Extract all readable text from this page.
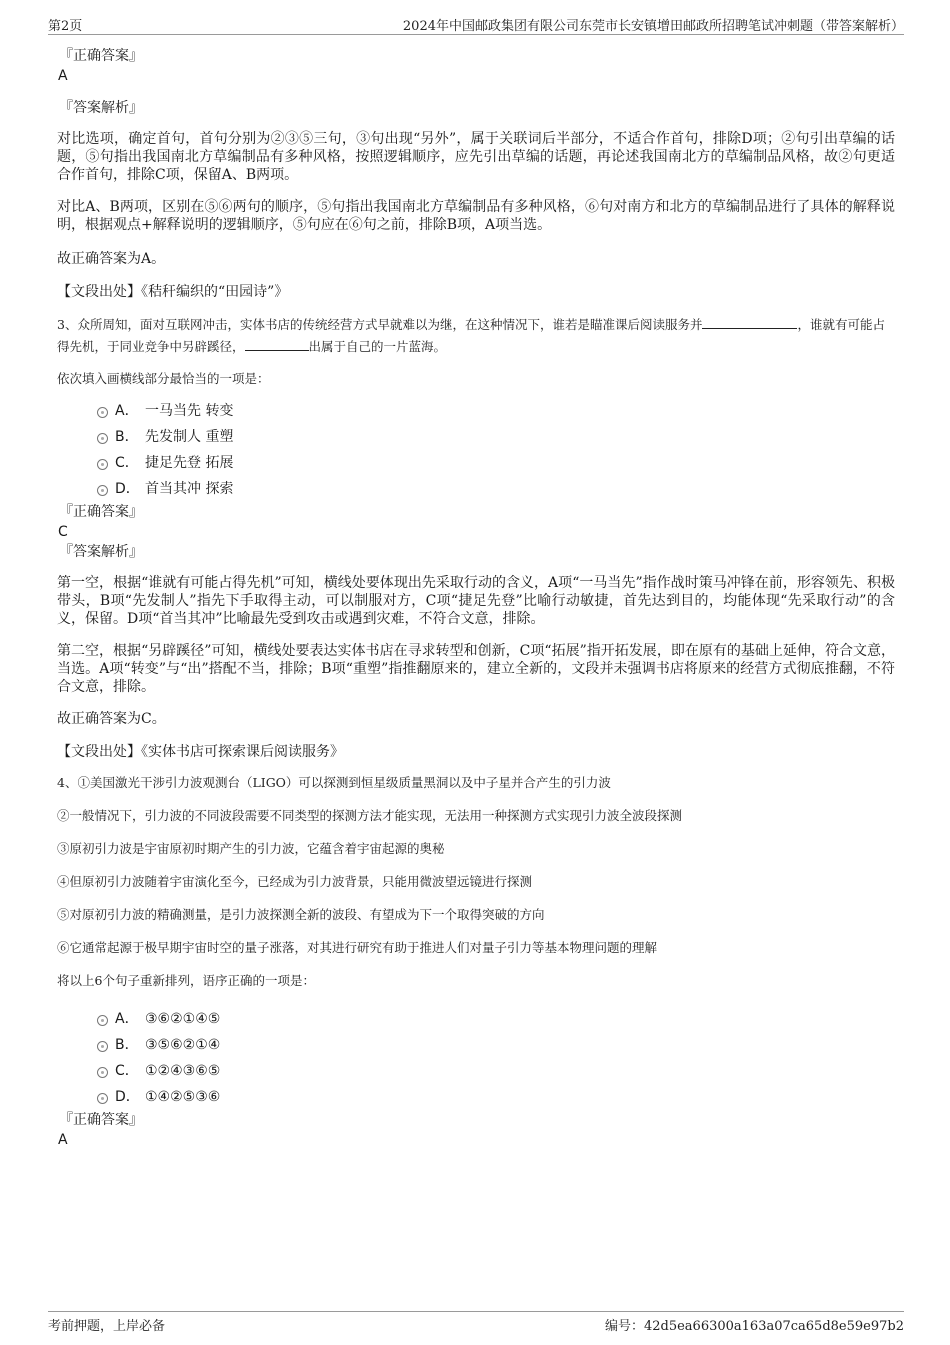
第2页	2024年中国邮政集团有限公司东莞市长安镇增田邮政所招聘笔试冲刺题（带答案解析）
『正确答案』
A
『答案解析』

对比选项，确定首句，首句分别为②③⑤三句，③句出现“另外”，属于关联词后半部分，不适合作首句，排除D项；②句引出草编的话题，⑤句指出我国南北方草编制品有多种风格，按照逻辑顺序，应先引出草编的话题，再论述我国南北方的草编制品风格，故②句更适合作首句，排除C项，保留A、B两项。

对比A、B两项，区别在⑤⑥两句的顺序，⑤句指出我国南北方草编制品有多种风格，⑥句对南方和北方的草编制品进行了具体的解释说明，根据观点+解释说明的逻辑顺序，⑤句应在⑥句之前，排除B项，A项当选。

故正确答案为A。

【文段出处】《秸秆编织的“田园诗”》

3、众所周知，面对互联网冲击，实体书店的传统经营方式早就难以为继，在这种情况下，谁若是瞄准课后阅读服务并	，谁就有可能占得先机，于同业竞争中另辟蹊径，	出属于自己的一片蓝海。

依次填入画横线部分最恰当的一项是：

A． 一马当先 转变
B． 先发制人 重塑
C． 捷足先登 拓展
D． 首当其冲 探索
『正确答案』
C
『答案解析』

第一空，根据“谁就有可能占得先机”可知，横线处要体现出先采取行动的含义，A项“一马当先”指作战时策马冲锋在前，形容领先、积极带头，B项“先发制人”指先下手取得主动，可以制服对方，C项“捷足先登”比喻行动敏捷，首先达到目的，均能体现“先采取行动”的含义，保留。D项“首当其冲”比喻最先受到攻击或遇到灾难，不符合文意，排除。

第二空，根据“另辟蹊径”可知，横线处要表达实体书店在寻求转型和创新，C项“拓展”指开拓发展，即在原有的基础上延伸，符合文意，当选。A项“转变”与“出”搭配不当，排除；B项“重塑”指推翻原来的，建立全新的，文段并未强调书店将原来的经营方式彻底推翻，不符合文意，排除。

故正确答案为C。

【文段出处】《实体书店可探索课后阅读服务》

4、①美国激光干涉引力波观测台（LIGO）可以探测到恒星级质量黑洞以及中子星并合产生的引力波

②一般情况下，引力波的不同波段需要不同类型的探测方法才能实现，无法用一种探测方式实现引力波全波段探测

③原初引力波是宇宙原初时期产生的引力波，它蕴含着宇宙起源的奥秘

④但原初引力波随着宇宙演化至今，已经成为引力波背景，只能用微波望远镜进行探测

⑤对原初引力波的精确测量，是引力波探测全新的波段、有望成为下一个取得突破的方向

⑥它通常起源于极早期宇宙时空的量子涨落，对其进行研究有助于推进人们对量子引力等基本物理问题的理解

将以上6个句子重新排列，语序正确的一项是：

A． ③⑥②①④⑤
B． ③⑤⑥②①④
C． ①②④③⑥⑤
D． ①④②⑤③⑥
『正确答案』
A
考前押题，上岸必备	编号：42d5ea66300a163a07ca65d8e59e97b2
